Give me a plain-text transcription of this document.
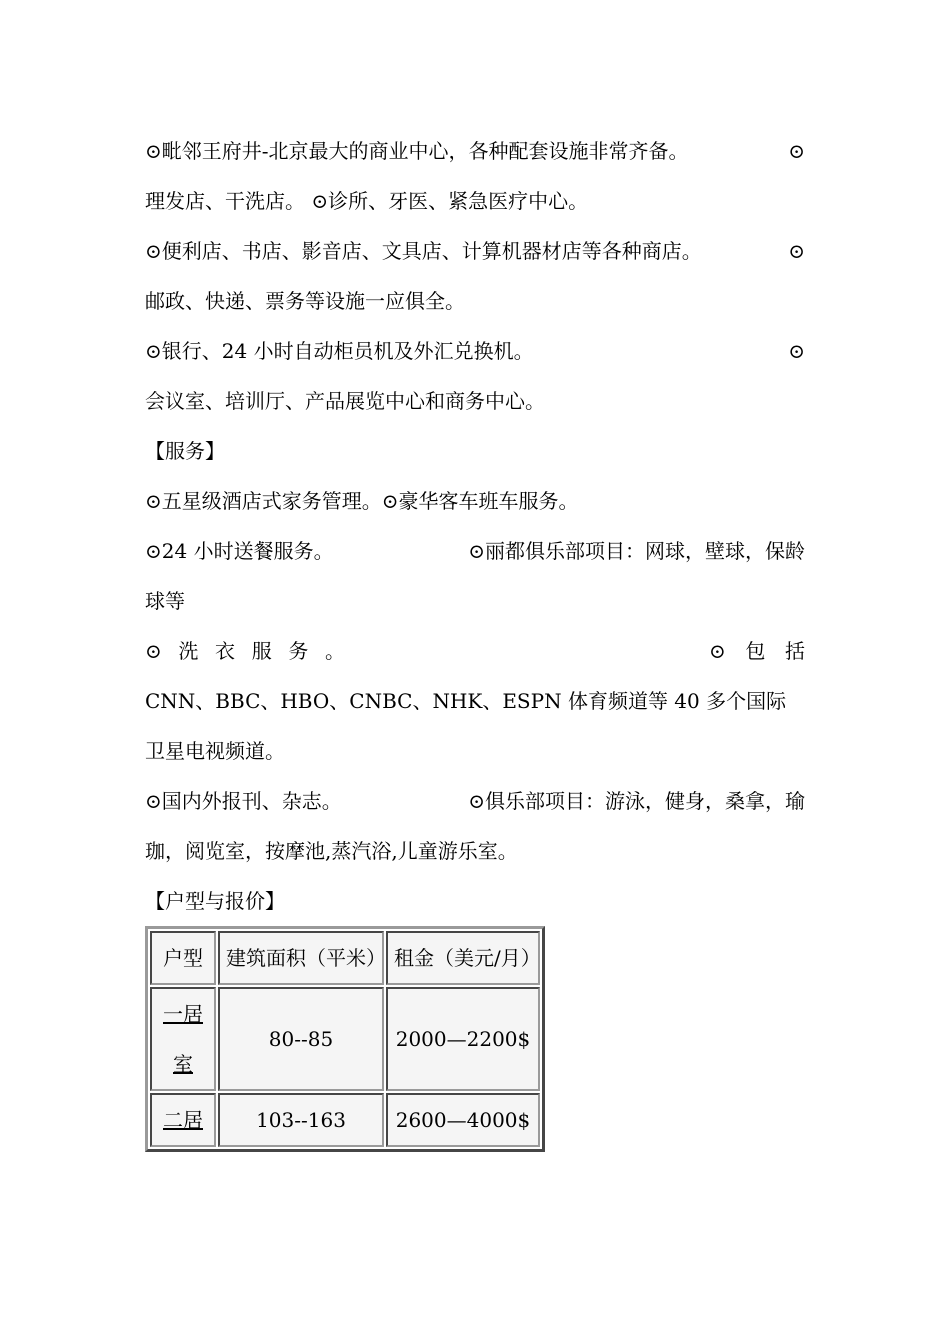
⊙毗邻王府井-北京最大的商业中心，各种配套设施非常齐备。	⊙
理发店、干洗店。 ⊙诊所、牙医、紧急医疗中心。
⊙便利店、书店、影音店、文具店、计算机器材店等各种商店。	⊙
邮政、快递、票务等设施一应俱全。
⊙银行、24 小时自动柜员机及外汇兑换机。	⊙
会议室、培训厅、产品展览中心和商务中心。
【服务】
⊙五星级酒店式家务管理。⊙豪华客车班车服务。
⊙24 小时送餐服务。	⊙丽都俱乐部项目：网球，壁球，保龄
球等
⊙ 洗 衣 服 务 。	⊙ 包 括
CNN、BBC、HBO、CNBC、NHK、ESPN 体育频道等 40 多个国际
卫星电视频道。
⊙国内外报刊、杂志。	⊙俱乐部项目：游泳，健身，桑拿，瑜
珈，阅览室，按摩池,蒸汽浴,儿童游乐室。
【户型与报价】
户型	建筑面积（平米）	租金（美元/月）
一居室	80--85	2000—2200$
二居	103--163	2600—4000$
